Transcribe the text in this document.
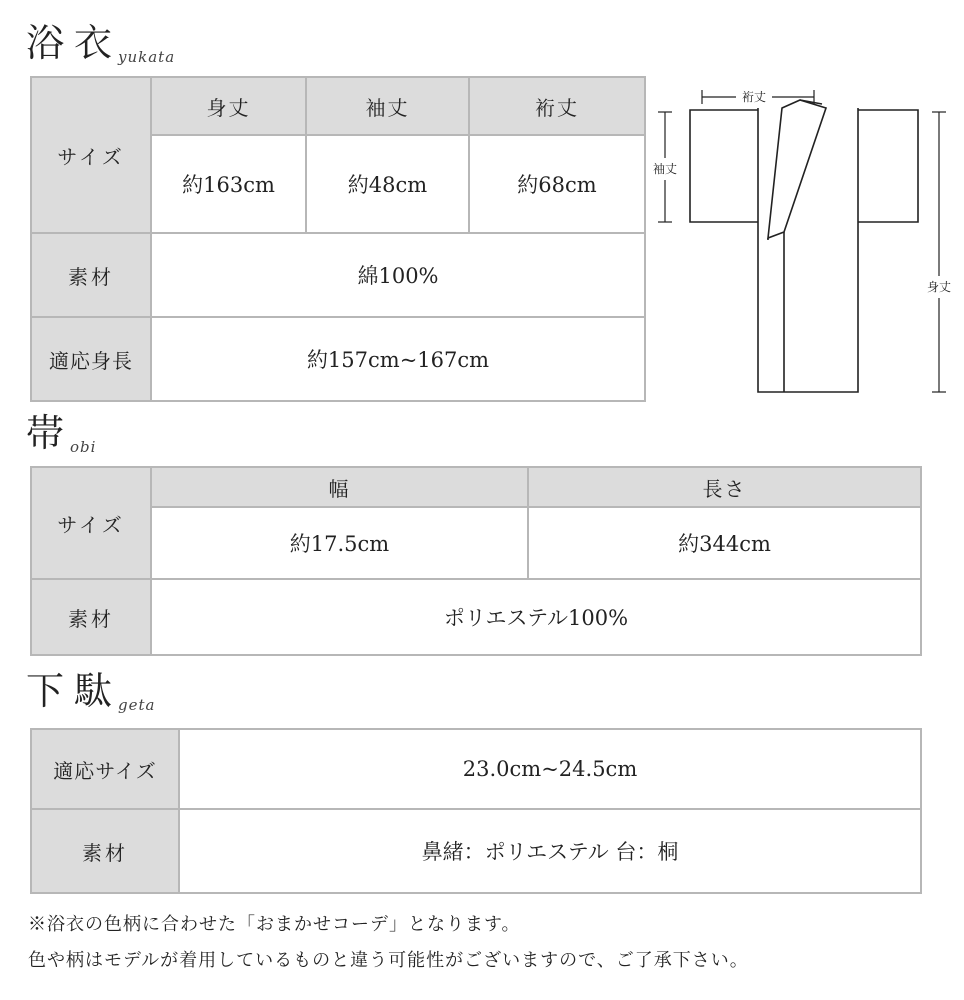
浴衣
yukata
サイズ	身丈	袖丈	裄丈
	約163cm	約48cm	約68cm
素材	綿100%		
適応身長	約157cm~167cm		
裄丈
袖丈
身丈
帯
obi
サイズ	幅	長さ
	約17.5cm	約344cm
素材	ポリエステル100%	
下駄
geta
適応サイズ	23.0cm~24.5cm
素材	鼻緒：ポリエステル 台：桐
※浴衣の色柄に合わせた「おまかせコーデ」となります。
色や柄はモデルが着用しているものと違う可能性がございますので、ご了承下さい。
